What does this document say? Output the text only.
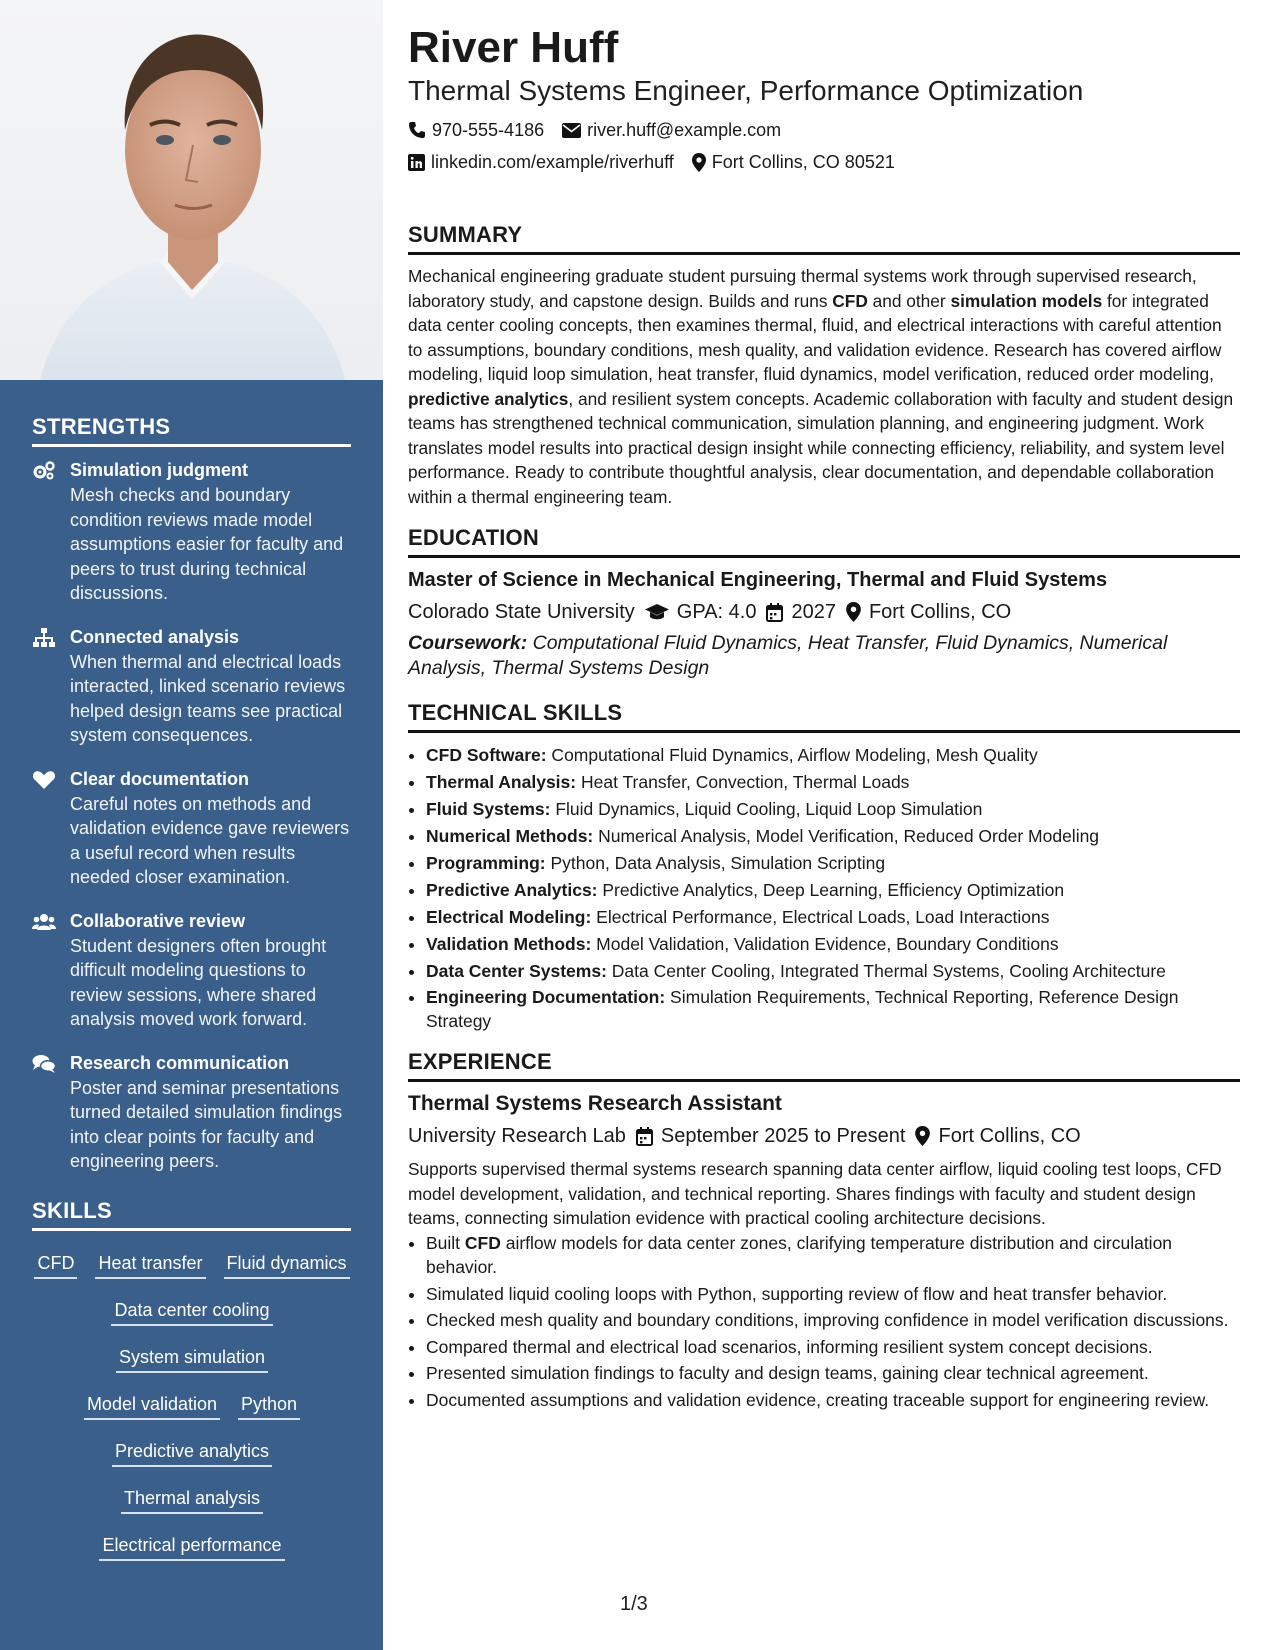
STRENGTHS
Simulation judgment
Mesh checks and boundary condition reviews made model assumptions easier for faculty and peers to trust during technical discussions.
Connected analysis
When thermal and electrical loads interacted, linked scenario reviews helped design teams see practical system consequences.
Clear documentation
Careful notes on methods and validation evidence gave reviewers a useful record when results needed closer examination.
Collaborative review
Student designers often brought difficult modeling questions to review sessions, where shared analysis moved work forward.
Research communication
Poster and seminar presentations turned detailed simulation findings into clear points for faculty and engineering peers.
SKILLS
CFD Heat transfer Fluid dynamics
Data center cooling
System simulation
Model validation Python
Predictive analytics
Thermal analysis
Electrical performance
River Huff
Thermal Systems Engineer, Performance Optimization
970-555-4186 river.huff@example.com
linkedin.com/example/riverhuff Fort Collins, CO 80521
SUMMARY

Mechanical engineering graduate student pursuing thermal systems work through supervised research, laboratory study, and capstone design. Builds and runs CFD and other simulation models for integrated data center cooling concepts, then examines thermal, fluid, and electrical interactions with careful attention to assumptions, boundary conditions, mesh quality, and validation evidence. Research has covered airflow modeling, liquid loop simulation, heat transfer, fluid dynamics, model verification, reduced order modeling, predictive analytics, and resilient system concepts. Academic collaboration with faculty and student design teams has strengthened technical communication, simulation planning, and engineering judgment. Work translates model results into practical design insight while connecting efficiency, reliability, and system level performance. Ready to contribute thoughtful analysis, clear documentation, and dependable collaboration within a thermal engineering team.

EDUCATION
Master of Science in Mechanical Engineering, Thermal and Fluid Systems
Colorado State University GPA: 4.0 2027 Fort Collins, CO

Coursework: Computational Fluid Dynamics, Heat Transfer, Fluid Dynamics, Numerical Analysis, Thermal Systems Design

TECHNICAL SKILLS
• CFD Software: Computational Fluid Dynamics, Airflow Modeling, Mesh Quality
• Thermal Analysis: Heat Transfer, Convection, Thermal Loads
• Fluid Systems: Fluid Dynamics, Liquid Cooling, Liquid Loop Simulation
• Numerical Methods: Numerical Analysis, Model Verification, Reduced Order Modeling
• Programming: Python, Data Analysis, Simulation Scripting
• Predictive Analytics: Predictive Analytics, Deep Learning, Efficiency Optimization
• Electrical Modeling: Electrical Performance, Electrical Loads, Load Interactions
• Validation Methods: Model Validation, Validation Evidence, Boundary Conditions
• Data Center Systems: Data Center Cooling, Integrated Thermal Systems, Cooling Architecture
• Engineering Documentation: Simulation Requirements, Technical Reporting, Reference Design Strategy
EXPERIENCE
Thermal Systems Research Assistant
University Research Lab September 2025 to Present Fort Collins, CO

Supports supervised thermal systems research spanning data center airflow, liquid cooling test loops, CFD model development, validation, and technical reporting. Shares findings with faculty and student design teams, connecting simulation evidence with practical cooling architecture decisions.

• Built CFD airflow models for data center zones, clarifying temperature distribution and circulation behavior.
• Simulated liquid cooling loops with Python, supporting review of flow and heat transfer behavior.
• Checked mesh quality and boundary conditions, improving confidence in model verification discussions.
• Compared thermal and electrical load scenarios, informing resilient system concept decisions.
• Presented simulation findings to faculty and design teams, gaining clear technical agreement.
• Documented assumptions and validation evidence, creating traceable support for engineering review.
1/3
